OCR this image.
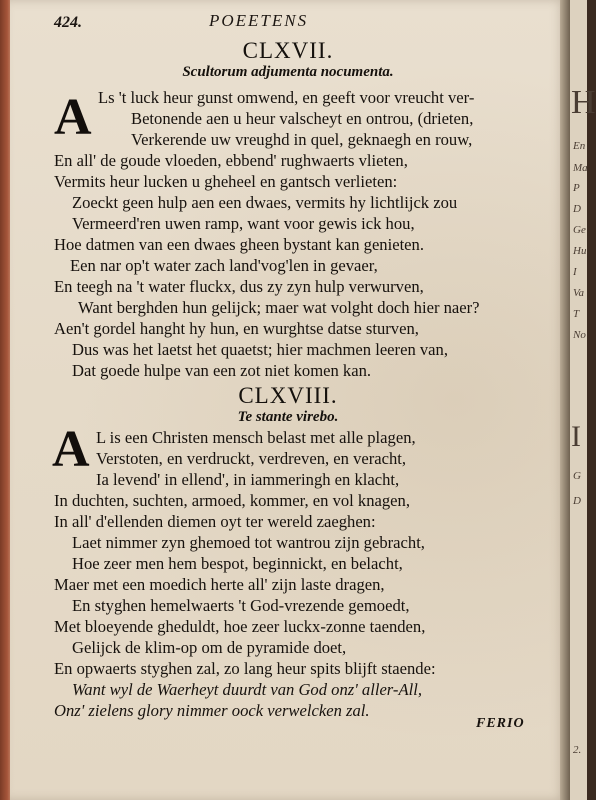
424.	POEETENS
CLXVII.
Scultorum adjumenta nocumenta.
A Ls 't luck heur gunst omwend, en geeft voor vreucht ver-
Betonende aen u heur valscheyt en ontrou, (drieten,
Verkerende uw vreughd in quel, geknaegh en rouw,
En all' de goude vloeden, ebbend' rughwaerts vlieten,
Vermits heur lucken u gheheel en gantsch verlieten:
Zoeckt geen hulp aen een dwaes, vermits hy lichtlijck zou
Vermeerd'ren uwen ramp, want voor gewis ick hou,
Hoe datmen van een dwaes gheen bystant kan genieten.
Een nar op't water zach land'vog'len in gevaer,
En teegh na 't water fluckx, dus zy zyn hulp verwurven,
Want berghden hun gelijck; maer wat volght doch hier naer?
Aen't gordel hanght hy hun, en wurghtse datse sturven,
Dus was het laetst het quaetst; hier machmen leeren van,
Dat goede hulpe van een zot niet komen kan.
CLXVIII.
Te stante virebo.
A L is een Christen mensch belast met alle plagen,
Verstoten, en verdruckt, verdreven, en veracht,
Ia levend' in ellend', in iammeringh en klacht,
In duchten, suchten, armoed, kommer, en vol knagen,
In all' d'ellenden diemen oyt ter wereld zaeghen:
Laet nimmer zyn ghemoed tot wantrou zijn gebracht,
Hoe zeer men hem bespot, beginnickt, en belacht,
Maer met een moedich herte all' zijn laste dragen,
En styghen hemelwaerts 't God-vrezende gemoedt,
Met bloeyende gheduldt, hoe zeer luckx-zonne taenden,
Gelijck de klim-op om de pyramide doet,
En opwaerts styghen zal, zo lang heur spits blijft staende:
Want wyl de Waerheyt duurdt van God onz' aller-All,
Onz' zielens glory nimmer oock verwelcken zal.
FERIO
H
En
Ma
P
D
Ge
Hu
I
Va
T
No
I
G
D
2.
